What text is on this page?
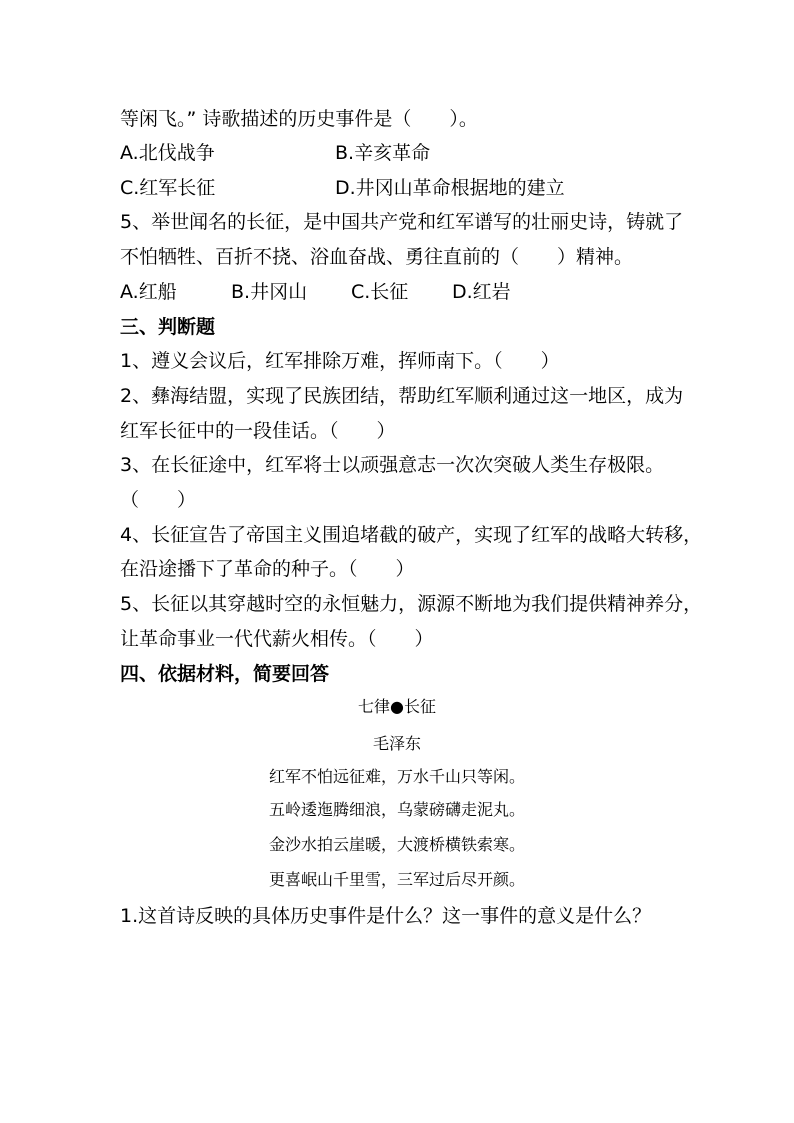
等闲飞。” 诗歌描述的历史事件是（　　）。
A.北伐战争	B.辛亥革命
C.红军长征	D.井冈山革命根据地的建立
5、举世闻名的长征，是中国共产党和红军谱写的壮丽史诗，铸就了
不怕牺牲、百折不挠、浴血奋战、勇往直前的（　　）精神。
A.红船	B.井冈山 C.长征 D.红岩
三、判断题
1、遵义会议后，红军排除万难，挥师南下。（　　）
2、彝海结盟，实现了民族团结，帮助红军顺利通过这一地区，成为
红军长征中的一段佳话。（　　）
3、在长征途中，红军将士以顽强意志一次次突破人类生存极限。
（　　）
4、长征宣告了帝国主义围追堵截的破产，实现了红军的战略大转移，
在沿途播下了革命的种子。（　　）
5、长征以其穿越时空的永恒魅力，源源不断地为我们提供精神养分，
让革命事业一代代薪火相传。（　　）
四、依据材料，简要回答
七律●长征
毛泽东
红军不怕远征难，万水千山只等闲。
五岭逶迤腾细浪，乌蒙磅礴走泥丸。
金沙水拍云崖暖，大渡桥横铁索寒。
更喜岷山千里雪，三军过后尽开颜。
1.这首诗反映的具体历史事件是什么？这一事件的意义是什么？
